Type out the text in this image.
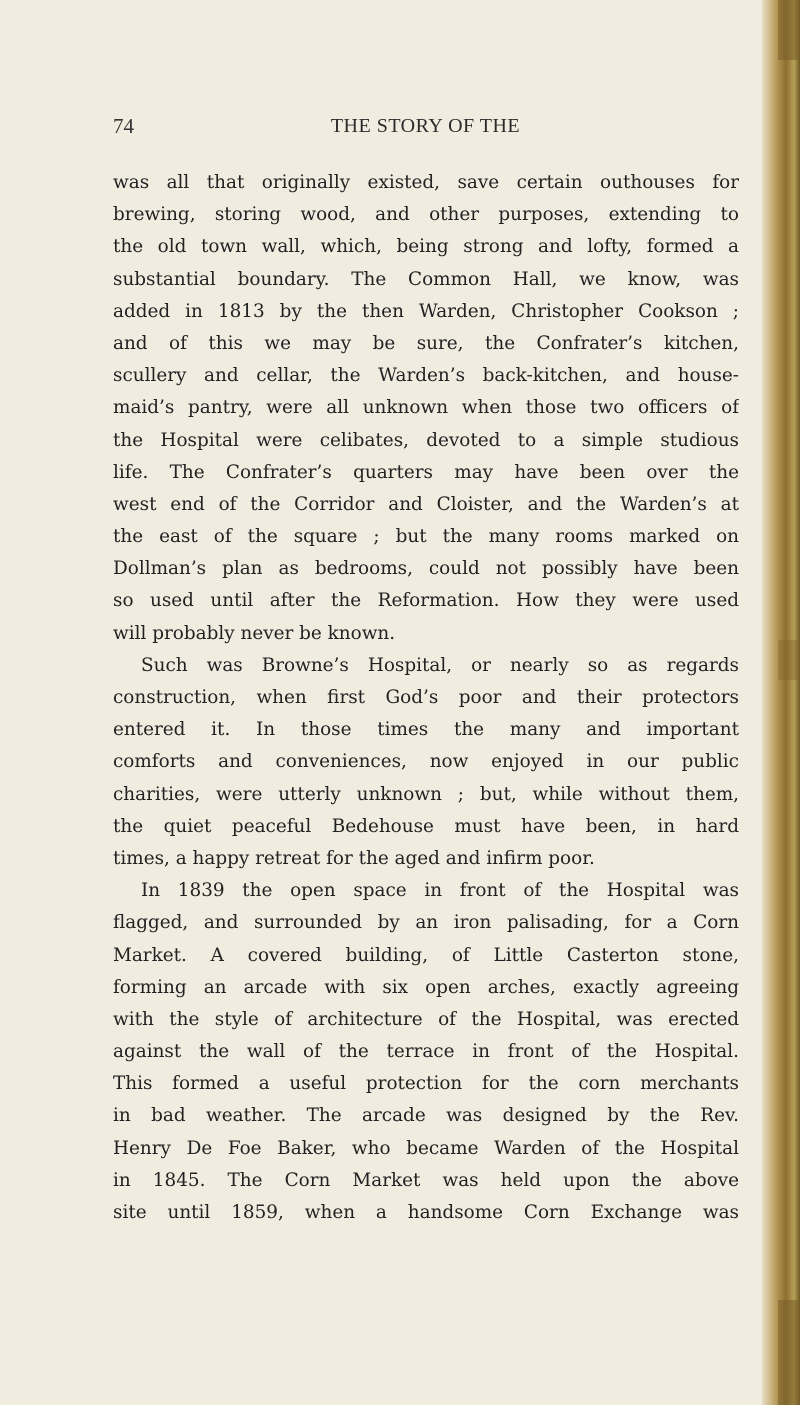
74	THE STORY OF THE
was all that originally existed, save certain outhouses for
brewing, storing wood, and other purposes, extending to
the old town wall, which, being strong and lofty, formed a
substantial boundary. The Common Hall, we know, was
added in 1813 by the then Warden, Christopher Cookson ;
and of this we may be sure, the Confrater’s kitchen,
scullery and cellar, the Warden’s back-kitchen, and house-
maid’s pantry, were all unknown when those two officers of
the Hospital were celibates, devoted to a simple studious
life. The Confrater’s quarters may have been over the
west end of the Corridor and Cloister, and the Warden’s at
the east of the square ; but the many rooms marked on
Dollman’s plan as bedrooms, could not possibly have been
so used until after the Reformation. How they were used
will probably never be known.
Such was Browne’s Hospital, or nearly so as regards
construction, when first God’s poor and their protectors
entered it. In those times the many and important
comforts and conveniences, now enjoyed in our public
charities, were utterly unknown ; but, while without them,
the quiet peaceful Bedehouse must have been, in hard
times, a happy retreat for the aged and infirm poor.
In 1839 the open space in front of the Hospital was
flagged, and surrounded by an iron palisading, for a Corn
Market. A covered building, of Little Casterton stone,
forming an arcade with six open arches, exactly agreeing
with the style of architecture of the Hospital, was erected
against the wall of the terrace in front of the Hospital.
This formed a useful protection for the corn merchants
in bad weather. The arcade was designed by the Rev.
Henry De Foe Baker, who became Warden of the Hospital
in 1845. The Corn Market was held upon the above
site until 1859, when a handsome Corn Exchange was
